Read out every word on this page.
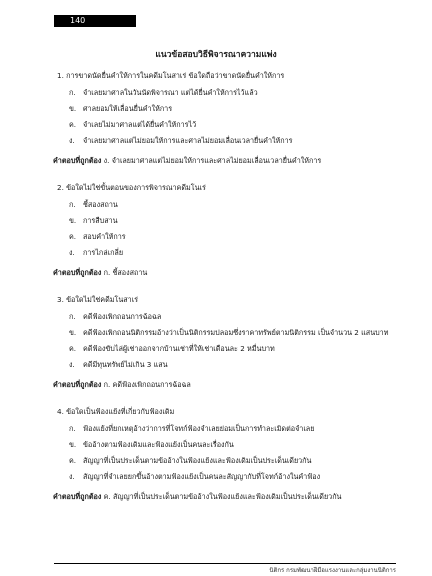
140
แนวข้อสอบวิธีพิจารณาความแพ่ง
1. การขาดนัดยื่นคำให้การในคดีมโนสาเร่ ข้อใดถือว่าขาดนัดยื่นคำให้การ
ก. จำเลยมาศาลในวันนัดพิจารณา แต่ได้ยื่นคำให้การไว้แล้ว
ข. ศาลยอมให้เลื่อนยื่นคำให้การ
ค. จำเลยไม่มาศาลแต่ได้ยื่นคำให้การไว้
ง. จำเลยมาศาลแต่ไม่ยอมให้การและศาลไม่ยอมเลื่อนเวลายื่นคำให้การ
คำตอบที่ถูกต้อง ง. จำเลยมาศาลแต่ไม่ยอมให้การและศาลไม่ยอมเลื่อนเวลายื่นคำให้การ
2. ข้อใดไม่ใช่ขั้นตอนของการพิจารณาคดีมโนเร่
ก. ชี้สองสถาน
ข. การสืบสาน
ค. สอบคำให้การ
ง. การไกล่เกลี่ย
คำตอบที่ถูกต้อง ก. ชี้สองสถาน
3. ข้อใดไม่ใช่คดีมโนสาเร่
ก. คดีฟ้องเพิกถอนการฉ้อฉล
ข. คดีฟ้องเพิกถอนนิติกรรมอ้างว่าเป็นนิติกรรมปลอมซึ่งราคาทรัพย์ตามนิติกรรม เป็นจำนวน 2 แสนบาท
ค. คดีฟ้องขับไล่ผู้เช่าออกจากบ้านเช่าที่ให้เช่าเดือนละ 2 หมื่นบาท
ง. คดีมีทุนทรัพย์ไม่เกิน 3 แสน
คำตอบที่ถูกต้อง ก. คดีฟ้องเพิกถอนการฉ้อฉล
4. ข้อใดเป็นฟ้องแย้งที่เกี่ยวกับฟ้องเดิม
ก. ฟ้องแย้งที่ยกเหตุอ้างว่าการที่โจทก์ฟ้องจำเลยย่อมเป็นการทำละเมิดต่อจำเลย
ข. ข้ออ้างตามฟ้องเดิมและฟ้องแย้งเป็นคนละเรื่องกัน
ค. สัญญาที่เป็นประเด็นตามข้ออ้างในฟ้องแย้งและฟ้องเดิมเป็นประเด็นเดียวกัน
ง. สัญญาที่จำเลยยกขึ้นอ้างตามฟ้องแย้งเป็นคนละสัญญากับที่โจทก์อ้างในคำฟ้อง
คำตอบที่ถูกต้อง ค. สัญญาที่เป็นประเด็นตามข้ออ้างในฟ้องแย้งและฟ้องเดิมเป็นประเด็นเดียวกัน
นิติกร กรมพัฒนาฝีมือแรงงานและกลุ่มงานนิติการ
